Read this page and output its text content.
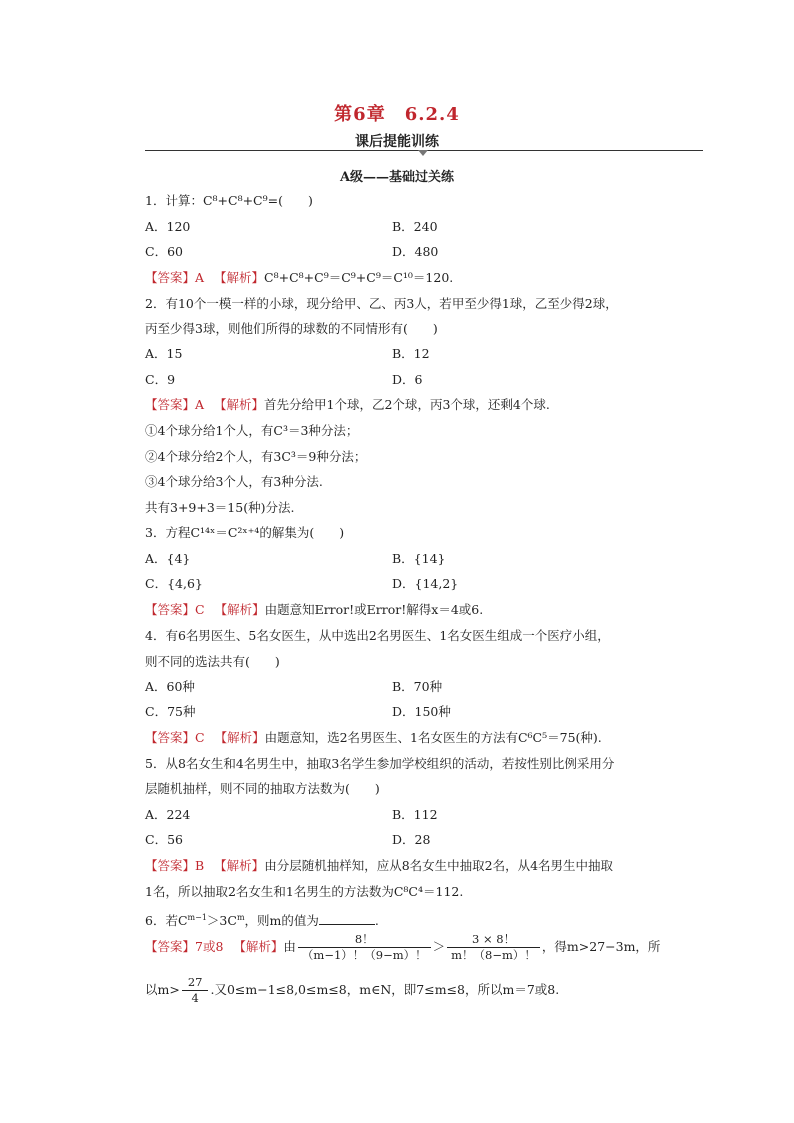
第6章　6.2.4
课后提能训练
A级——基础过关练
1．计算：C⁸+C⁸+C⁹=(　　)
A．120	B．240
C．60	D．480
【答案】A 【解析】C⁸+C⁸+C⁹＝C⁹+C⁹＝C¹⁰＝120.
2．有10个一模一样的小球，现分给甲、乙、丙3人，若甲至少得1球，乙至少得2球，
丙至少得3球，则他们所得的球数的不同情形有(　　)
A．15	B．12
C．9	D．6
【答案】A 【解析】首先分给甲1个球，乙2个球，丙3个球，还剩4个球.
①4个球分给1个人，有C³＝3种分法；
②4个球分给2个人，有3C³＝9种分法；
③4个球分给3个人，有3种分法.
共有3+9+3＝15(种)分法.
3．方程C¹⁴ˣ＝C²ˣ⁺⁴的解集为(　　)
A．{4}	B．{14}
C．{4,6}	D．{14,2}
【答案】C 【解析】由题意知Error!或Error!解得x＝4或6.
4．有6名男医生、5名女医生，从中选出2名男医生、1名女医生组成一个医疗小组，
则不同的选法共有(　　)
A．60种	B．70种
C．75种	D．150种
【答案】C 【解析】由题意知，选2名男医生、1名女医生的方法有C⁶C⁵＝75(种).
5．从8名女生和4名男生中，抽取3名学生参加学校组织的活动，若按性别比例采用分
层随机抽样，则不同的抽取方法数为(　　)
A．224	B．112
C．56	D．28
【答案】B 【解析】由分层随机抽样知，应从8名女生中抽取2名，从4名男生中抽取
1名，所以抽取2名女生和1名男生的方法数为C⁸C⁴＝112.
6．若$C^{m-1}>3C^m$，则m的值为	.
【答案】7或8 【解析】由 $\frac{8!}{(m-1)!(9-m)!} > \frac{3 \times 8!}{m!(8-m)!}$ ，得m>27−3m，所
以$m> \frac{27}{4}$ .又0≤m−1≤8,0≤m≤8，m∈N，即7≤m≤8，所以m＝7或8.
